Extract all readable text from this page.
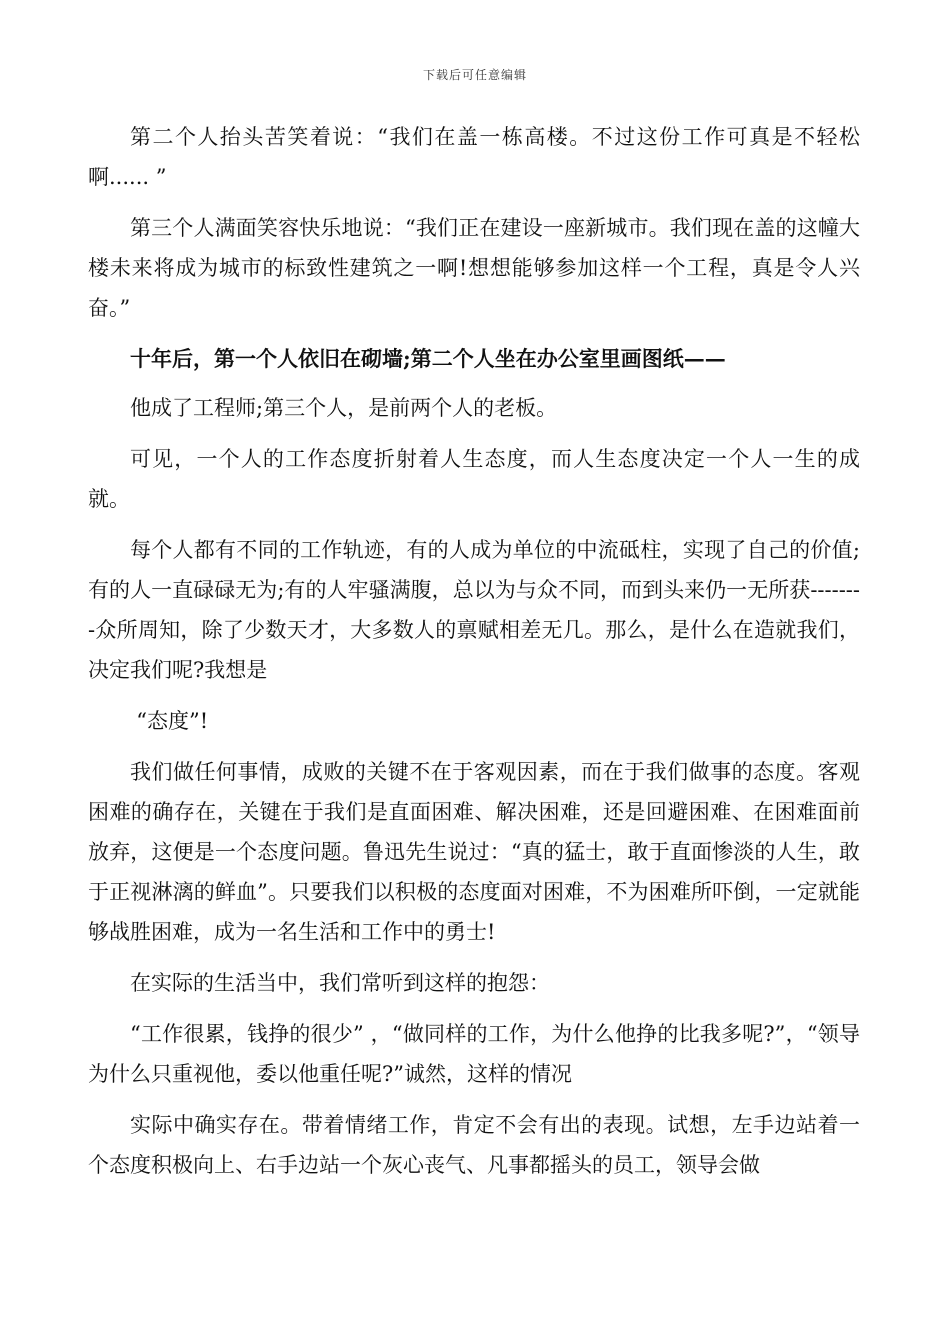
下载后可任意编辑

第二个人抬头苦笑着说：“我们在盖一栋高楼。不过这份工作可真是不轻松啊...... ”

第三个人满面笑容快乐地说：“我们正在建设一座新城市。我们现在盖的这幢大楼未来将成为城市的标致性建筑之一啊!想想能够参加这样一个工程，真是令人兴奋。”

十年后，第一个人依旧在砌墙;第二个人坐在办公室里画图纸——

他成了工程师;第三个人，是前两个人的老板。

可见，一个人的工作态度折射着人生态度，而人生态度决定一个人一生的成就。

每个人都有不同的工作轨迹，有的人成为单位的中流砥柱，实现了自己的价值;有的人一直碌碌无为;有的人牢骚满腹，总以为与众不同，而到头来仍一无所获--------众所周知，除了少数天才，大多数人的禀赋相差无几。那么，是什么在造就我们，决定我们呢?我想是

“态度”!

我们做任何事情，成败的关键不在于客观因素，而在于我们做事的态度。客观困难的确存在，关键在于我们是直面困难、解决困难，还是回避困难、在困难面前放弃，这便是一个态度问题。鲁迅先生说过：“真的猛士，敢于直面惨淡的人生，敢于正视淋漓的鲜血”。只要我们以积极的态度面对困难，不为困难所吓倒，一定就能够战胜困难，成为一名生活和工作中的勇士!

在实际的生活当中，我们常听到这样的抱怨：

“工作很累，钱挣的很少” ，“做同样的工作，为什么他挣的比我多呢?”，“领导为什么只重视他，委以他重任呢?”诚然，这样的情况

实际中确实存在。带着情绪工作，肯定不会有出的表现。试想，左手边站着一个态度积极向上、右手边站一个灰心丧气、凡事都摇头的员工，领导会做
